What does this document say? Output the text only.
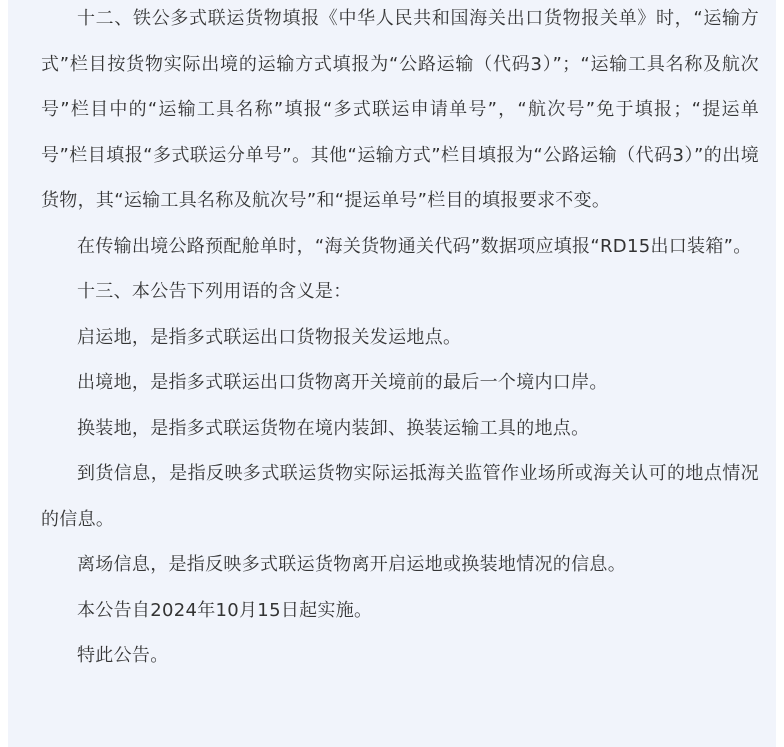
十二、铁公多式联运货物填报《中华人民共和国海关出口货物报关单》时，“运输方式”栏目按货物实际出境的运输方式填报为“公路运输（代码3）”；“运输工具名称及航次号”栏目中的“运输工具名称”填报“多式联运申请单号”，“航次号”免于填报；“提运单号”栏目填报“多式联运分单号”。其他“运输方式”栏目填报为“公路运输（代码3）”的出境货物，其“运输工具名称及航次号”和“提运单号”栏目的填报要求不变。

在传输出境公路预配舱单时，“海关货物通关代码”数据项应填报“RD15出口装箱”。

十三、本公告下列用语的含义是：

启运地，是指多式联运出口货物报关发运地点。

出境地，是指多式联运出口货物离开关境前的最后一个境内口岸。

换装地，是指多式联运货物在境内装卸、换装运输工具的地点。

到货信息，是指反映多式联运货物实际运抵海关监管作业场所或海关认可的地点情况的信息。

离场信息，是指反映多式联运货物离开启运地或换装地情况的信息。

本公告自2024年10月15日起实施。

特此公告。
